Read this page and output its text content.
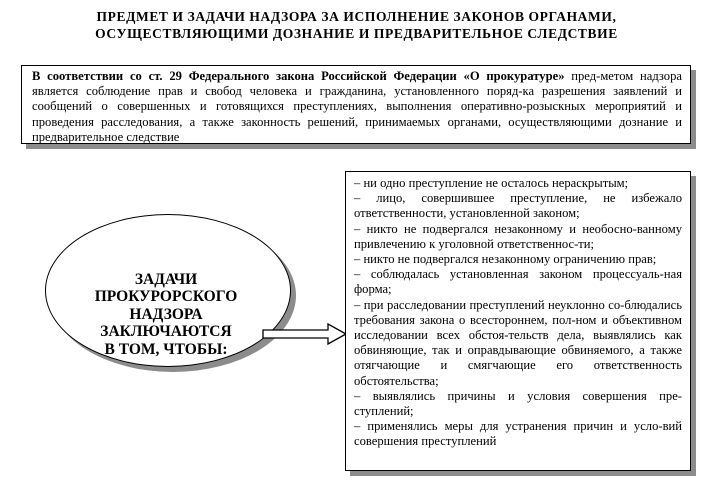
ПРЕДМЕТ И ЗАДАЧИ НАДЗОРА ЗА ИСПОЛНЕНИЕ ЗАКОНОВ ОРГАНАМИ,
ОСУЩЕСТВЛЯЮЩИМИ ДОЗНАНИЕ И ПРЕДВАРИТЕЛЬНОЕ СЛЕДСТВИЕ
В соответствии со ст. 29 Федерального закона Российской Федерации «О прокуратуре» пред-метом надзора является соблюдение прав и свобод человека и гражданина, установленного поряд-ка разрешения заявлений и сообщений о совершенных и готовящихся преступлениях, выполнения оперативно-розыскных мероприятий и проведения расследования, а также законность решений, принимаемых органами, осуществляющими дознание и предварительное следствие
ЗАДАЧИ
ПРОКУРОРСКОГО
НАДЗОРА
ЗАКЛЮЧАЮТСЯ
В ТОМ, ЧТОБЫ:
– ни одно преступление не осталось нераскрытым;
– лицо, совершившее преступление, не избежало ответственности, установленной законом;
– никто не подвергался незаконному и необосно-ванному привлечению к уголовной ответственнос-ти;
– никто не подвергался незаконному ограничению прав;
– соблюдалась установленная законом процессуаль-ная форма;
– при расследовании преступлений неуклонно со-блюдались требования закона о всестороннем, пол-ном и объективном исследовании всех обстоя-тельств дела, выявлялись как обвиняющие, так и оправдывающие обвиняемого, а также отягчающие и смягчающие его ответственность обстоятельства;
– выявлялись причины и условия совершения пре-ступлений;
– применялись меры для устранения причин и усло-вий совершения преступлений
